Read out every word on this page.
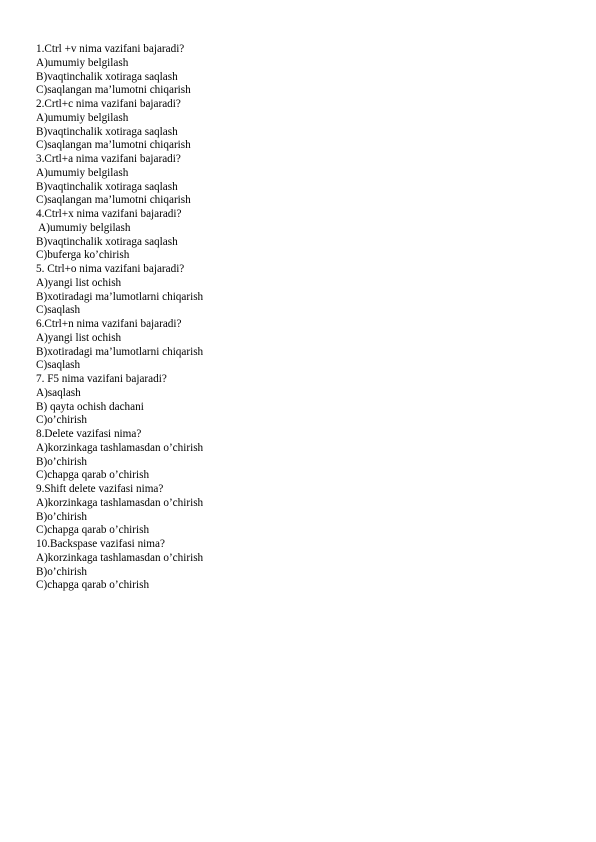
1.Ctrl +v nima vazifani bajaradi?
A)umumiy belgilash
B)vaqtinchalik xotiraga saqlash
C)saqlangan ma’lumotni chiqarish
2.Crtl+c nima vazifani bajaradi?
A)umumiy belgilash
B)vaqtinchalik xotiraga saqlash
C)saqlangan ma’lumotni chiqarish
3.Crtl+a nima vazifani bajaradi?
A)umumiy belgilash
B)vaqtinchalik xotiraga saqlash
C)saqlangan ma’lumotni chiqarish
4.Ctrl+x nima vazifani bajaradi?
A)umumiy belgilash
B)vaqtinchalik xotiraga saqlash
C)buferga ko’chirish
5. Ctrl+o nima vazifani bajaradi?
A)yangi list ochish
B)xotiradagi ma’lumotlarni chiqarish
C)saqlash
6.Ctrl+n nima vazifani bajaradi?
A)yangi list ochish
B)xotiradagi ma’lumotlarni chiqarish
C)saqlash
7. F5 nima vazifani bajaradi?
A)saqlash
B) qayta ochish dachani
C)o’chirish
8.Delete vazifasi nima?
A)korzinkaga tashlamasdan o’chirish
B)o’chirish
C)chapga qarab o’chirish
9.Shift delete vazifasi nima?
A)korzinkaga tashlamasdan o’chirish
B)o’chirish
C)chapga qarab o’chirish
10.Backspase vazifasi nima?
A)korzinkaga tashlamasdan o’chirish
B)o’chirish
C)chapga qarab o’chirish
